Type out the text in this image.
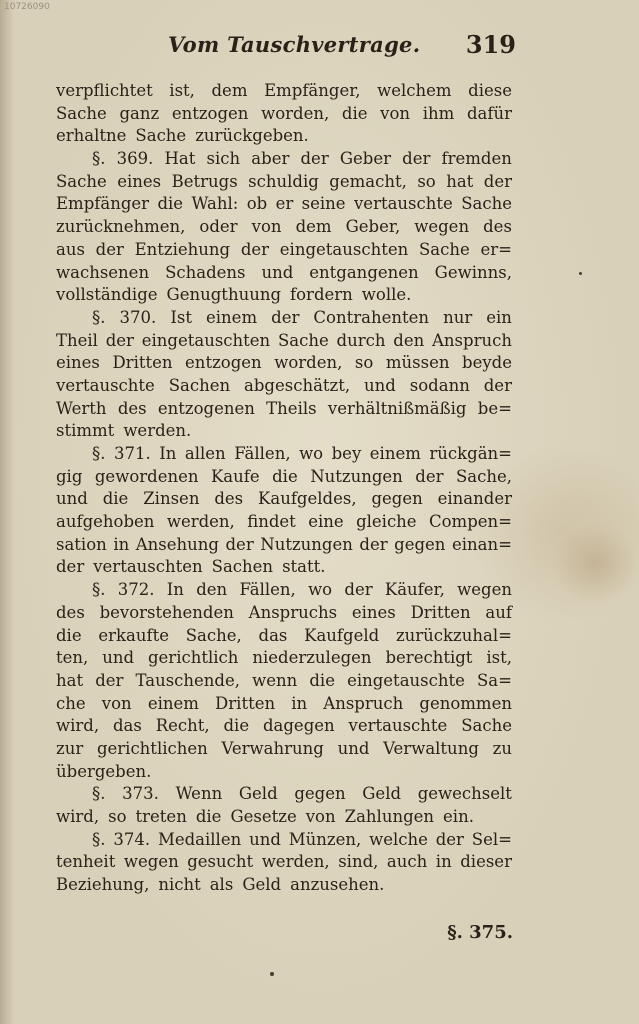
10726090
Vom Tauschvertrage. 319
verpflichtet ist, dem Empfänger, welchem diese
Sache ganz entzogen worden, die von ihm dafür
erhaltne Sache zurückgeben.
§. 369. Hat sich aber der Geber der fremden
Sache eines Betrugs schuldig gemacht, so hat der
Empfänger die Wahl: ob er seine vertauschte Sache
zurücknehmen, oder von dem Geber, wegen des
aus der Entziehung der eingetauschten Sache er=
wachsenen Schadens und entgangenen Gewinns,
vollständige Genugthuung fordern wolle.
§. 370. Ist einem der Contrahenten nur ein
Theil der eingetauschten Sache durch den Anspruch
eines Dritten entzogen worden, so müssen beyde
vertauschte Sachen abgeschätzt, und sodann der
Werth des entzogenen Theils verhältnißmäßig be=
stimmt werden.
§. 371. In allen Fällen, wo bey einem rückgän=
gig gewordenen Kaufe die Nutzungen der Sache,
und die Zinsen des Kaufgeldes, gegen einander
aufgehoben werden, findet eine gleiche Compen=
sation in Ansehung der Nutzungen der gegen einan=
der vertauschten Sachen statt.
§. 372. In den Fällen, wo der Käufer, wegen
des bevorstehenden Anspruchs eines Dritten auf
die erkaufte Sache, das Kaufgeld zurückzuhal=
ten, und gerichtlich niederzulegen berechtigt ist,
hat der Tauschende, wenn die eingetauschte Sa=
che von einem Dritten in Anspruch genommen
wird, das Recht, die dagegen vertauschte Sache
zur gerichtlichen Verwahrung und Verwaltung zu
übergeben.
§. 373. Wenn Geld gegen Geld gewechselt
wird, so treten die Gesetze von Zahlungen ein.
§. 374. Medaillen und Münzen, welche der Sel=
tenheit wegen gesucht werden, sind, auch in dieser
Beziehung, nicht als Geld anzusehen.
§. 375.
